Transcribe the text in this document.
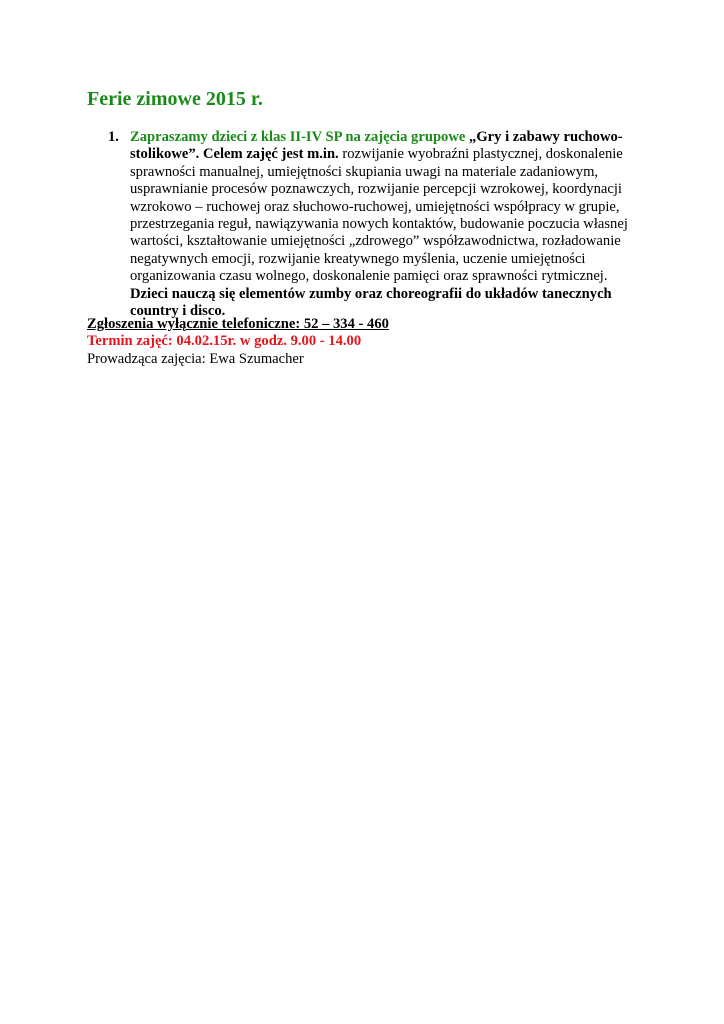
Ferie zimowe 2015 r.
1. Zapraszamy dzieci z klas II-IV SP na zajęcia grupowe „Gry i zabawy ruchowo-stolikowe”. Celem zajęć jest m.in. rozwijanie wyobraźni plastycznej, doskonalenie sprawności manualnej, umiejętności skupiania uwagi na materiale zadaniowym, usprawnianie procesów poznawczych, rozwijanie percepcji wzrokowej, koordynacji wzrokowo – ruchowej oraz słuchowo-ruchowej, umiejętności współpracy w grupie, przestrzegania reguł, nawiązywania nowych kontaktów, budowanie poczucia własnej wartości, kształtowanie umiejętności „zdrowego” współzawodnictwa, rozładowanie negatywnych emocji, rozwijanie kreatywnego myślenia, uczenie umiejętności organizowania czasu wolnego, doskonalenie pamięci oraz sprawności rytmicznej. Dzieci nauczą się elementów zumby oraz choreografii do układów tanecznych country i disco.
Zgłoszenia wyłącznie telefoniczne: 52 – 334 - 460
Termin zajęć: 04.02.15r. w godz. 9.00 - 14.00
Prowadząca zajęcia: Ewa Szumacher
